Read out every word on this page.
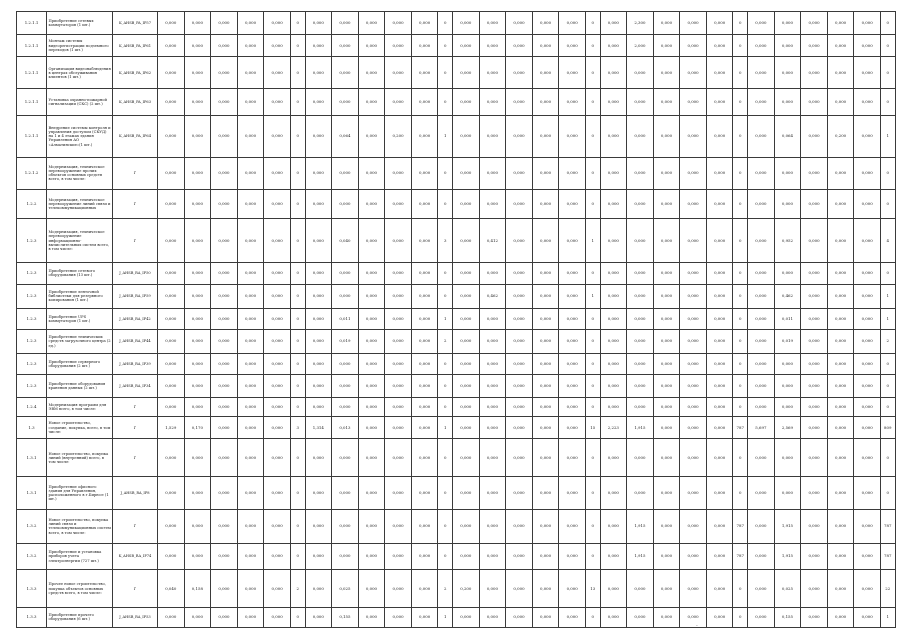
1.2.1.1	Приобретение сетевых коммутаторов (1 шт.)	K_AHSB_PA_IP57	0,000	0,000	0,000	0,000	0,000	0	0,000	0,000	0,000	0,000	0,000	0	0,000	0,000	0,000	0,000	0,000	0	0,000	2,300	0,000	0,000	0,000	0	0,000	0,000	0,000	0,000	0,000	0
1.2.1.1	Монтаж системы видеорегистрации подземного переходов (1 шт.)	K_AHSB_PA_IP61	0,000	0,000	0,000	0,000	0,000	0	0,000	0,000	0,000	0,000	0,000	0	0,000	0,000	0,000	0,000	0,000	0	0,000	2,000	0,000	0,000	0,000	0	0,000	0,000	0,000	0,000	0,000	0
1.2.1.1	Организация видеонаблюдения в центрах обслуживания клиентов (1 шт.)	K_AHSB_PA_IP62	0,000	0,000	0,000	0,000	0,000	0	0,000	0,000	0,000	0,000	0,000	0	0,000	0,000	0,000	0,000	0,000	0	0,000	0,000	0,000	0,000	0,000	0	0,000	0,000	0,000	0,000	0,000	0
1.2.1.1	Установка охранно-пожарной сигнализации (СКС) (2 шт.)	K_AHSB_PA_IP63	0,000	0,000	0,000	0,000	0,000	0	0,000	0,000	0,000	0,000	0,000	0	0,000	0,000	0,000	0,000	0,000	0	0,000	0,000	0,000	0,000	0,000	0	0,000	0,000	0,000	0,000	0,000	0
1.2.1.1	Внедрение системы контроля и управления доступом (СКУД) на 1 и 4 этажах здания Управления АО «Алматинские»(1 шт.)	K_AHSB_PA_IP64	0,000	0,000	0,000	0,000	0,000	0	0,000	0,064	0,000	0,200	0,000	1	0,000	0,000	0,000	0,000	0,000	0	0,000	0,000	0,000	0,000	0,000	0	0,000	0,064	0,000	0,200	0,000	1
1.2.1.2	Модернизация, техническое перевооружение прочих объектов основных средств всего, в том числе:	Г	0,000	0,000	0,000	0,000	0,000	0	0,000	0,000	0,000	0,000	0,000	0	0,000	0,000	0,000	0,000	0,000	0	0,000	0,000	0,000	0,000	0,000	0	0,000	0,000	0,000	0,000	0,000	0
1.2.2	Модернизация, техническое перевооружение линий связи и телекоммуникационных	Г	0,000	0,000	0,000	0,000	0,000	0	0,000	0,000	0,000	0,000	0,000	0	0,000	0,000	0,000	0,000	0,000	0	0,000	0,000	0,000	0,000	0,000	0	0,000	0,000	0,000	0,000	0,000	0
1.2.3	Модернизация, техническое перевооружение информационно-вычислительных систем всего, в том числе:	Г	0,000	0,000	0,000	0,000	0,000	0	0,000	0,040	0,000	0,000	0,000	3	0,000	0,412	0,000	0,000	0,000	1	0,000	0,000	0,000	0,000	0,000	0	0,000	0,952	0,000	0,000	0,000	4
1.2.3	Приобретение сетевого оборудования (13 шт.)	J_AHSB_RA_IP50	0,000	0,000	0,000	0,000	0,000	0	0,000	0,000	0,000	0,000	0,000	0	0,000	0,000	0,000	0,000	0,000	0	0,000	0,000	0,000	0,000	0,000	0	0,000	0,000	0,000	0,000	0,000	0
1.2.3	Приобретение ленточной библиотеки для резервного копирования (1 шт.)	J_AHSB_RA_IP59	0,000	0,000	0,000	0,000	0,000	0	0,000	0,000	0,000	0,000	0,000	0	0,000	0,462	0,000	0,000	0,000	1	0,000	0,000	0,000	0,000	0,000	0	0,000	0,462	0,000	0,000	0,000	1
1.2.3	Приобретение UPS коммутаторов (1 шт.)	J_AHSB_RA_IP42	0,000	0,000	0,000	0,000	0,000	0	0,000	0,011	0,000	0,000	0,000	1	0,000	0,000	0,000	0,000	0,000	0	0,000	0,000	0,000	0,000	0,000	0	0,000	0,011	0,000	0,000	0,000	1
1.2.3	Приобретение технических средств загрузочного центра (2 ед.)	J_AHSB_RA_IP44	0,000	0,000	0,000	0,000	0,000	0	0,000	0,019	0,000	0,000	0,000	2	0,000	0,000	0,000	0,000	0,000	0	0,000	0,000	0,000	0,000	0,000	0	0,000	0,019	0,000	0,000	0,000	2
1.2.3	Приобретение серверного оборудования (2 шт.)	J_AHSB_RA_IP39	0,000	0,000	0,000	0,000	0,000	0	0,000	0,000	0,000	0,000	0,000	0	0,000	0,000	0,000	0,000	0,000	0	0,000	0,000	0,000	0,000	0,000	0	0,000	0,000	0,000	0,000	0,000	0
1.2.3	Приобретение оборудования хранения данных (2 шт.)	J_AHSB_RA_IP34	0,000	0,000	0,000	0,000	0,000	0	0,000	0,000	0,000	0,000	0,000	0	0,000	0,000	0,000	0,000	0,000	0	0,000	0,000	0,000	0,000	0,000	0	0,000	0,000	0,000	0,000	0,000	0
1.2.4	Модернизация программ для ЭВМ всего, в том числе:	Г	0,000	0,000	0,000	0,000	0,000	0	0,000	0,000	0,000	0,000	0,000	0	0,000	0,000	0,000	0,000	0,000	0	0,000	0,000	0,000	0,000	0,000	0	0,000	0,000	0,000	0,000	0,000	0
1.3	Новое строительство, создание, покупка, всего, в том числе:	Г	1,529	0,170	0,000	0,000	0,000	3	1,314	0,013	0,000	0,000	0,000	1	0,000	0,000	0,000	0,000	0,000	15	2,223	1,915	0,000	0,000	0,000	787	5,697	2,569	0,000	0,000	0,000	809
1.3.1	Новое строительство, покупка линий (внутренний) всего, в том числе:	Г	0,000	0,000	0,000	0,000	0,000	0	0,000	0,000	0,000	0,000	0,000	0	0,000	0,000	0,000	0,000	0,000	0	0,000	0,000	0,000	0,000	0,000	0	0,000	0,000	0,000	0,000	0,000	0
1.3.1	Приобретение офисного здания для Управления, расположенного в г.Бирюсе (1 шт.)	J_AHSB_RA_IP8	0,000	0,000	0,000	0,000	0,000	0	0,000	0,000	0,000	0,000	0,000	0	0,000	0,000	0,000	0,000	0,000	0	0,000	0,000	0,000	0,000	0,000	0	0,000	0,000	0,000	0,000	0,000	0
1.3.2	Новое строительство, покупка линий связи и телекоммуникационных систем всего, в том числе:	Г	0,000	0,000	0,000	0,000	0,000	0	0,000	0,000	0,000	0,000	0,000	0	0,000	0,000	0,000	0,000	0,000	0	0,000	1,915	0,000	0,000	0,000	787	0,000	1,915	0,000	0,000	0,000	787
1.3.2	Приобретение и установка приборов учета электроэнергии (727 шт.)	K_AHSB_RA_IP74	0,000	0,000	0,000	0,000	0,000	0	0,000	0,000	0,000	0,000	0,000	0	0,000	0,000	0,000	0,000	0,000	0	0,000	1,915	0,000	0,000	0,000	787	0,000	1,915	0,000	0,000	0,000	787
1.3.3	Прочее новое строительство, покупка объектов основных средств всего, в том числе:	Г	0,040	0,158	0,000	0,000	0,000	2	0,000	0,025	0,000	0,000	0,000	2	0,200	0,000	0,000	0,000	0,000	13	0,000	0,000	0,000	0,000	0,000	0	0,000	0,025	0,000	0,000	0,000	22
1.3.3	Приобретение прочего оборудования (6 шт.)	J_AHSB_RA_IP53	0,000	0,000	0,000	0,000	0,000	0	0,000	0,155	0,000	0,000	0,000	1	0,000	0,000	0,000	0,000	0,000	0	0,000	0,000	0,000	0,000	0,000	0	0,000	0,155	0,000	0,000	0,000	1
·
